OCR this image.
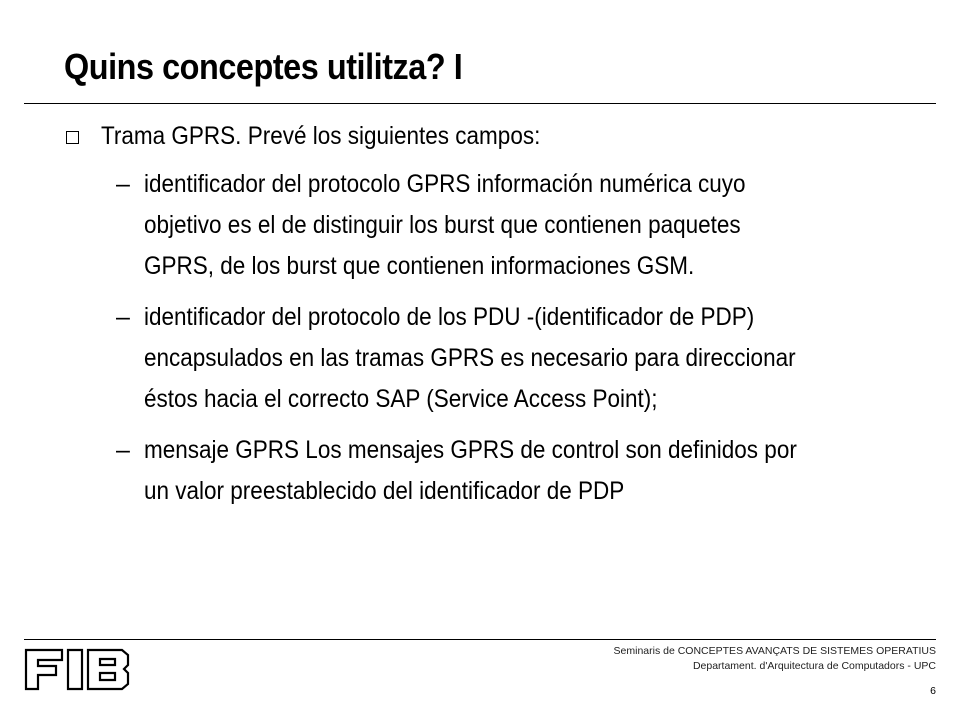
Quins conceptes utilitza? I
Trama GPRS. Prevé los siguientes campos:
– identificador del protocolo GPRS información numérica cuyo
objetivo es el de distinguir los burst que contienen paquetes
GPRS, de los burst que contienen informaciones GSM.
– identificador del protocolo de los PDU -(identificador de PDP)
encapsulados en las tramas GPRS es necesario para direccionar
éstos hacia el correcto SAP (Service Access Point);
– mensaje GPRS Los mensajes GPRS de control son definidos por
un valor preestablecido del identificador de PDP
Seminaris de CONCEPTES AVANÇATS DE SISTEMES OPERATIUS
Departament. d'Arquitectura de Computadors - UPC
6
